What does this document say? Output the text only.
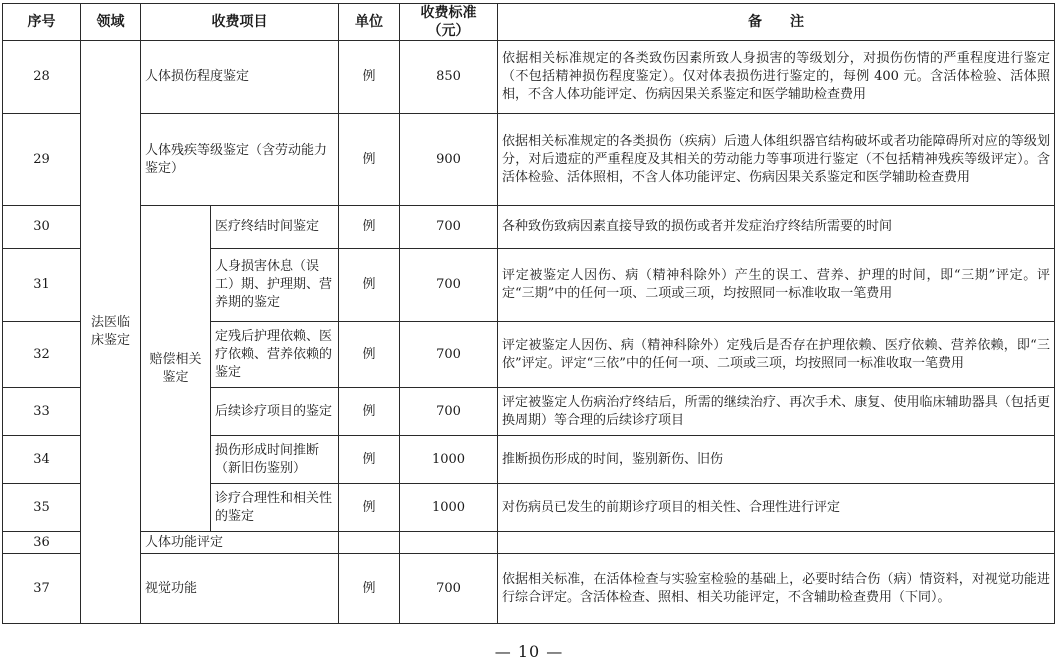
序号	领域	收费项目		单位	收费标准（元）	备　　注
28	法医临床鉴定	人体损伤程度鉴定		例	850	依据相关标准规定的各类致伤因素所致人身损害的等级划分，对损伤伤情的严重程度进行鉴定（不包括精神损伤程度鉴定）。仅对体表损伤进行鉴定的，每例 400 元。含活体检验、活体照相，不含人体功能评定、伤病因果关系鉴定和医学辅助检查费用
29		人体残疾等级鉴定（含劳动能力鉴定）		例	900	依据相关标准规定的各类损伤（疾病）后遗人体组织器官结构破坏或者功能障碍所对应的等级划分，对后遗症的严重程度及其相关的劳动能力等事项进行鉴定（不包括精神残疾等级评定）。含活体检验、活体照相，不含人体功能评定、伤病因果关系鉴定和医学辅助检查费用
30		赔偿相关鉴定	医疗终结时间鉴定	例	700	各种致伤致病因素直接导致的损伤或者并发症治疗终结所需要的时间
31			人身损害休息（误工）期、护理期、营养期的鉴定	例	700	评定被鉴定人因伤、病（精神科除外）产生的误工、营养、护理的时间，即“三期”评定。评定“三期”中的任何一项、二项或三项，均按照同一标准收取一笔费用
32			定残后护理依赖、医疗依赖、营养依赖的鉴定	例	700	评定被鉴定人因伤、病（精神科除外）定残后是否存在护理依赖、医疗依赖、营养依赖，即“三依”评定。评定“三依”中的任何一项、二项或三项，均按照同一标准收取一笔费用
33			后续诊疗项目的鉴定	例	700	评定被鉴定人伤病治疗终结后，所需的继续治疗、再次手术、康复、使用临床辅助器具（包括更换周期）等合理的后续诊疗项目
34			损伤形成时间推断（新旧伤鉴别）	例	1000	推断损伤形成的时间，鉴别新伤、旧伤
35			诊疗合理性和相关性的鉴定	例	1000	对伤病员已发生的前期诊疗项目的相关性、合理性进行评定
36		人体功能评定				
37		视觉功能		例	700	依据相关标准，在活体检查与实验室检验的基础上，必要时结合伤（病）情资料，对视觉功能进行综合评定。含活体检查、照相、相关功能评定，不含辅助检查费用（下同）。
— 10 —
